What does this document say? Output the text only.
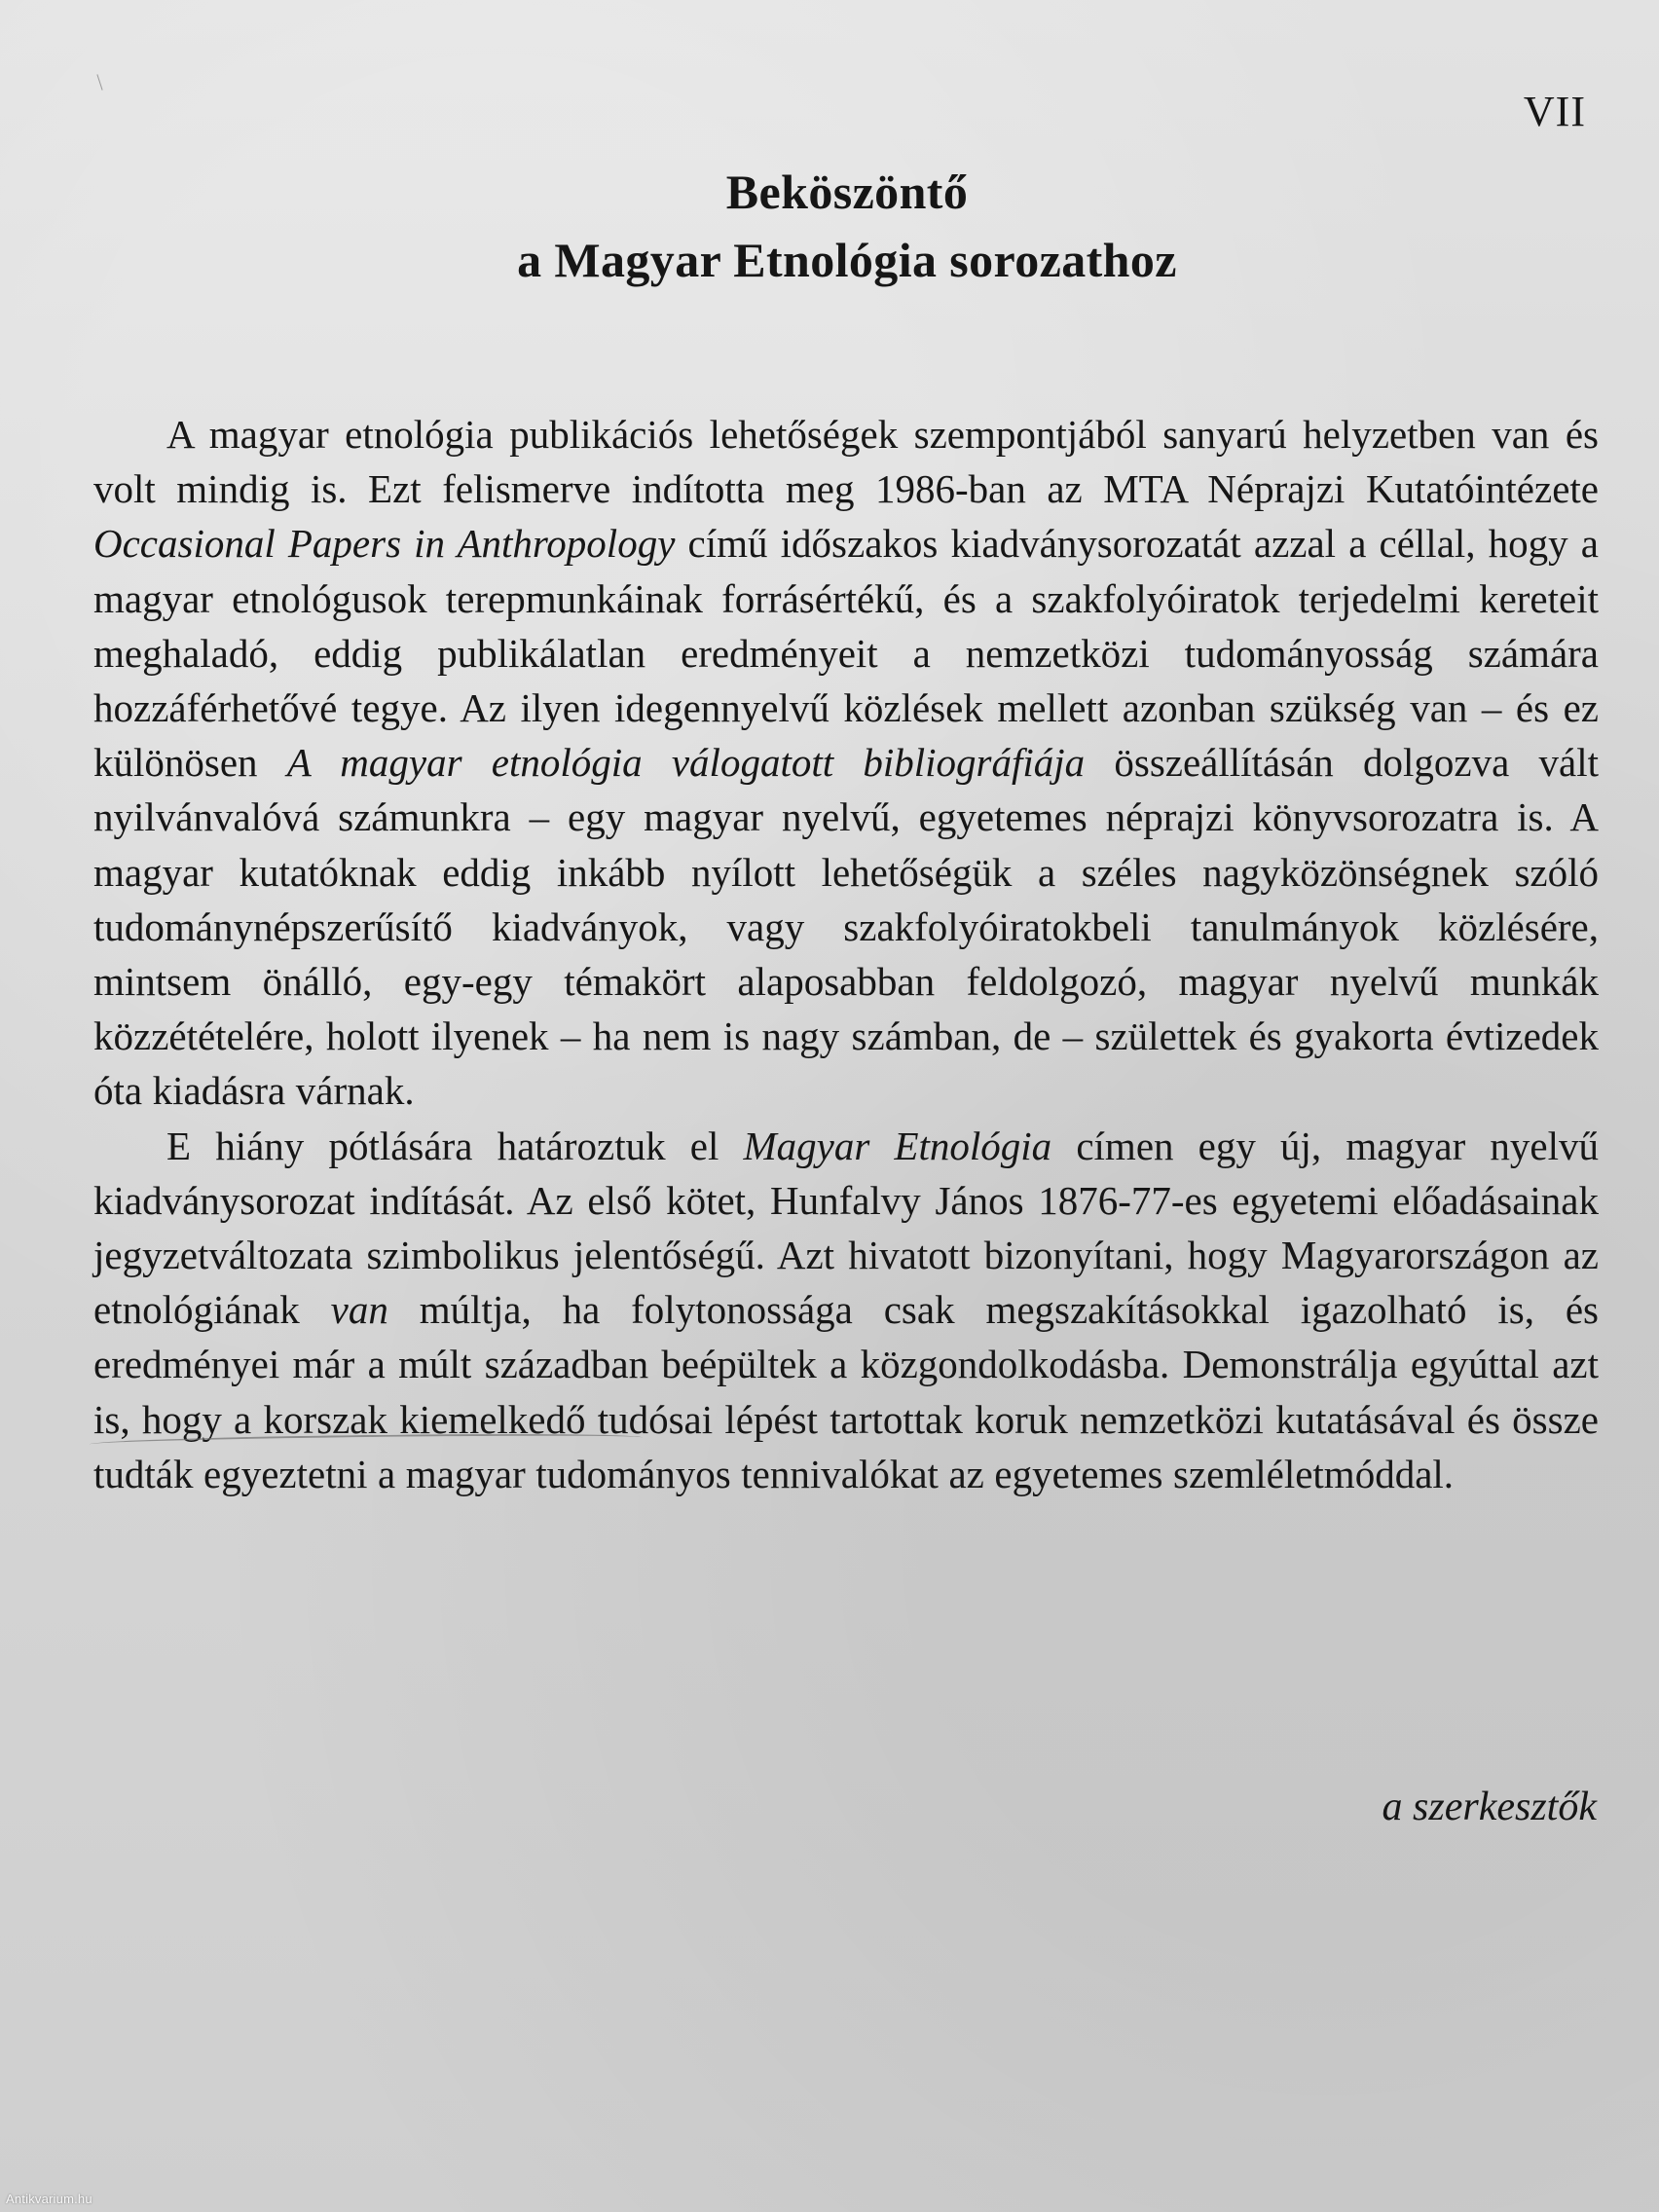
VII
Beköszöntő
a Magyar Etnológia sorozathoz

A magyar etnológia publikációs lehetőségek szempontjából sanyarú helyzetben van és volt mindig is. Ezt felismerve indította meg 1986-ban az MTA Néprajzi Kutatóintézete Occasional Papers in Anthropology című időszakos kiadványsorozatát azzal a céllal, hogy a magyar etnológusok terepmunkáinak forrásértékű, és a szakfolyóiratok terjedelmi kereteit meghaladó, eddig publikálatlan eredményeit a nemzetközi tudományosság számára hozzáférhetővé tegye. Az ilyen idegennyelvű közlések mellett azonban szükség van – és ez különösen A magyar etnológia válogatott bibliográfiája összeállításán dolgozva vált nyilvánvalóvá számunkra – egy magyar nyelvű, egyetemes néprajzi könyvsorozatra is. A magyar kutatóknak eddig inkább nyílott lehetőségük a széles nagyközönségnek szóló tudománynépszerűsítő kiadványok, vagy szakfolyóiratokbeli tanulmányok közlésére, mintsem önálló, egy-egy témakört alaposabban feldolgozó, magyar nyelvű munkák közzétételére, holott ilyenek – ha nem is nagy számban, de – születtek és gyakorta évtizedek óta kiadásra várnak.

E hiány pótlására határoztuk el Magyar Etnológia címen egy új, magyar nyelvű kiadványsorozat indítását. Az első kötet, Hunfalvy János 1876-77-es egyetemi előadásainak jegyzetváltozata szimbolikus jelentőségű. Azt hivatott bizonyítani, hogy Magyarországon az etnológiának van múltja, ha folytonossága csak megszakításokkal igazolható is, és eredményei már a múlt században beépültek a közgondolkodásba. Demonstrálja egyúttal azt is, hogy a korszak kiemelkedő tudósai lépést tartottak koruk nemzetközi kutatásával és össze tudták egyeztetni a magyar tudományos tennivalókat az egyetemes szemléletmóddal.

a szerkesztők
Antikvarium.hu
